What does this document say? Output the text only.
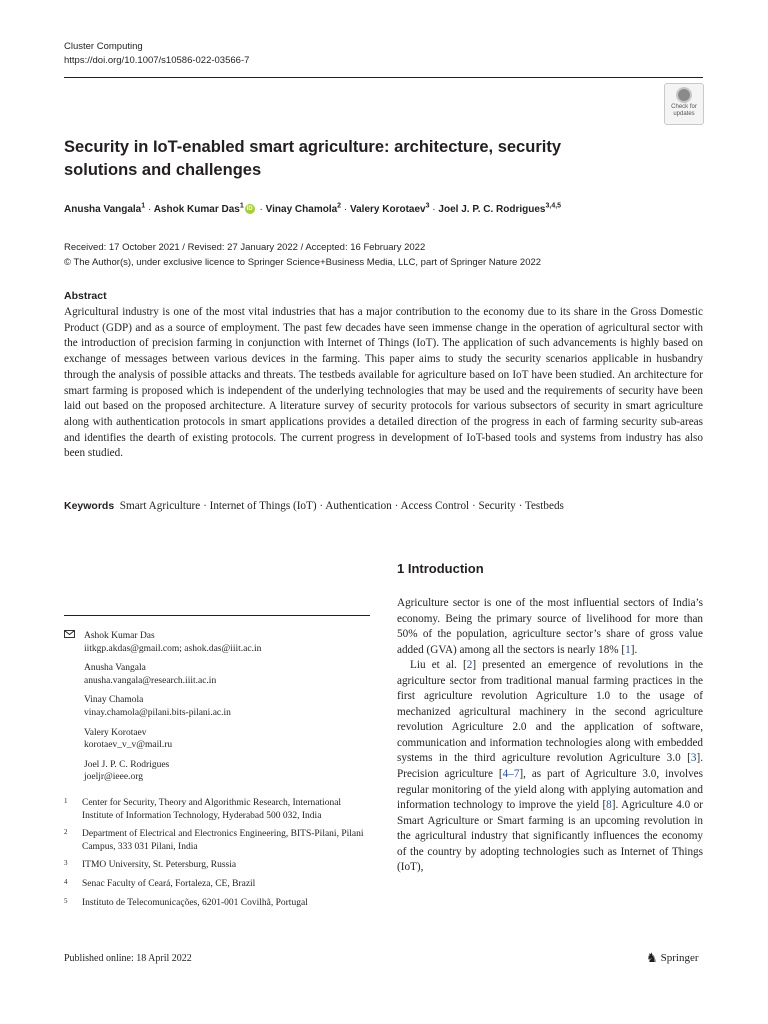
Cluster Computing
https://doi.org/10.1007/s10586-022-03566-7
Check for updates
Security in IoT-enabled smart agriculture: architecture, security solutions and challenges
Anusha Vangala$^1$ · Ashok Kumar Das$^1$ iD · Vinay Chamola$^2$ · Valery Korotaev$^3$ · Joel J. P. C. Rodrigues$^{3,4,5}$
Received: 17 October 2021 / Revised: 27 January 2022 / Accepted: 16 February 2022
© The Author(s), under exclusive licence to Springer Science+Business Media, LLC, part of Springer Nature 2022
Abstract
Agricultural industry is one of the most vital industries that has a major contribution to the economy due to its share in the Gross Domestic Product (GDP) and as a source of employment. The past few decades have seen immense change in the operation of agricultural sector with the introduction of precision farming in conjunction with Internet of Things (IoT). The application of such advancements is highly based on exchange of messages between various devices in the farming. This paper aims to study the security scenarios applicable in husbandry through the analysis of possible attacks and threats. The testbeds available for agriculture based on IoT have been studied. An architecture for smart farming is proposed which is independent of the underlying technologies that may be used and the requirements of security have been laid out based on the proposed architecture. A literature survey of security protocols for various subsectors of security in smart agriculture along with authentication protocols in smart applications provides a detailed direction of the progress in each of farming security sub-areas and identifies the dearth of existing protocols. The current progress in development of IoT-based tools and systems from industry has also been studied.
Keywords Smart Agriculture · Internet of Things (IoT) · Authentication · Access Control · Security · Testbeds
1 Introduction

Agriculture sector is one of the most influential sectors of India’s economy. Being the primary source of livelihood for more than 50% of the population, agriculture sector’s share of gross value added (GVA) among all the sectors is nearly 18% [1].

Liu et al. [2] presented an emergence of revolutions in the agriculture sector from traditional manual farming practices in the first agriculture revolution Agriculture 1.0 to the usage of mechanized agricultural machinery in the second agriculture revolution Agriculture 2.0 and the application of software, communication and information technologies along with embedded systems in the third agriculture revolution Agriculture 3.0 [3]. Precision agriculture [4–7], as part of Agriculture 3.0, involves regular monitoring of the yield along with applying automation and information technology to improve the yield [8]. Agriculture 4.0 or Smart Agriculture or Smart farming is an upcoming revolution in the agricultural industry that significantly influences the economy of the country by adopting technologies such as Internet of Things (IoT),

Ashok Kumar Das
iitkgp.akdas@gmail.com; ashok.das@iiit.ac.in
Anusha Vangala
anusha.vangala@research.iiit.ac.in
Vinay Chamola
vinay.chamola@pilani.bits-pilani.ac.in
Valery Korotaev
korotaev_v_v@mail.ru
Joel J. P. C. Rodrigues
joeljr@ieee.org
1	Center for Security, Theory and Algorithmic Research, International Institute of Information Technology, Hyderabad 500 032, India
2	Department of Electrical and Electronics Engineering, BITS-Pilani, Pilani Campus, 333 031 Pilani, India
3	ITMO University, St. Petersburg, Russia
4	Senac Faculty of Ceará, Fortaleza, CE, Brazil
5	Instituto de Telecomunicações, 6201-001 Covilhã, Portugal
Published online: 18 April 2022	♞ Springer
